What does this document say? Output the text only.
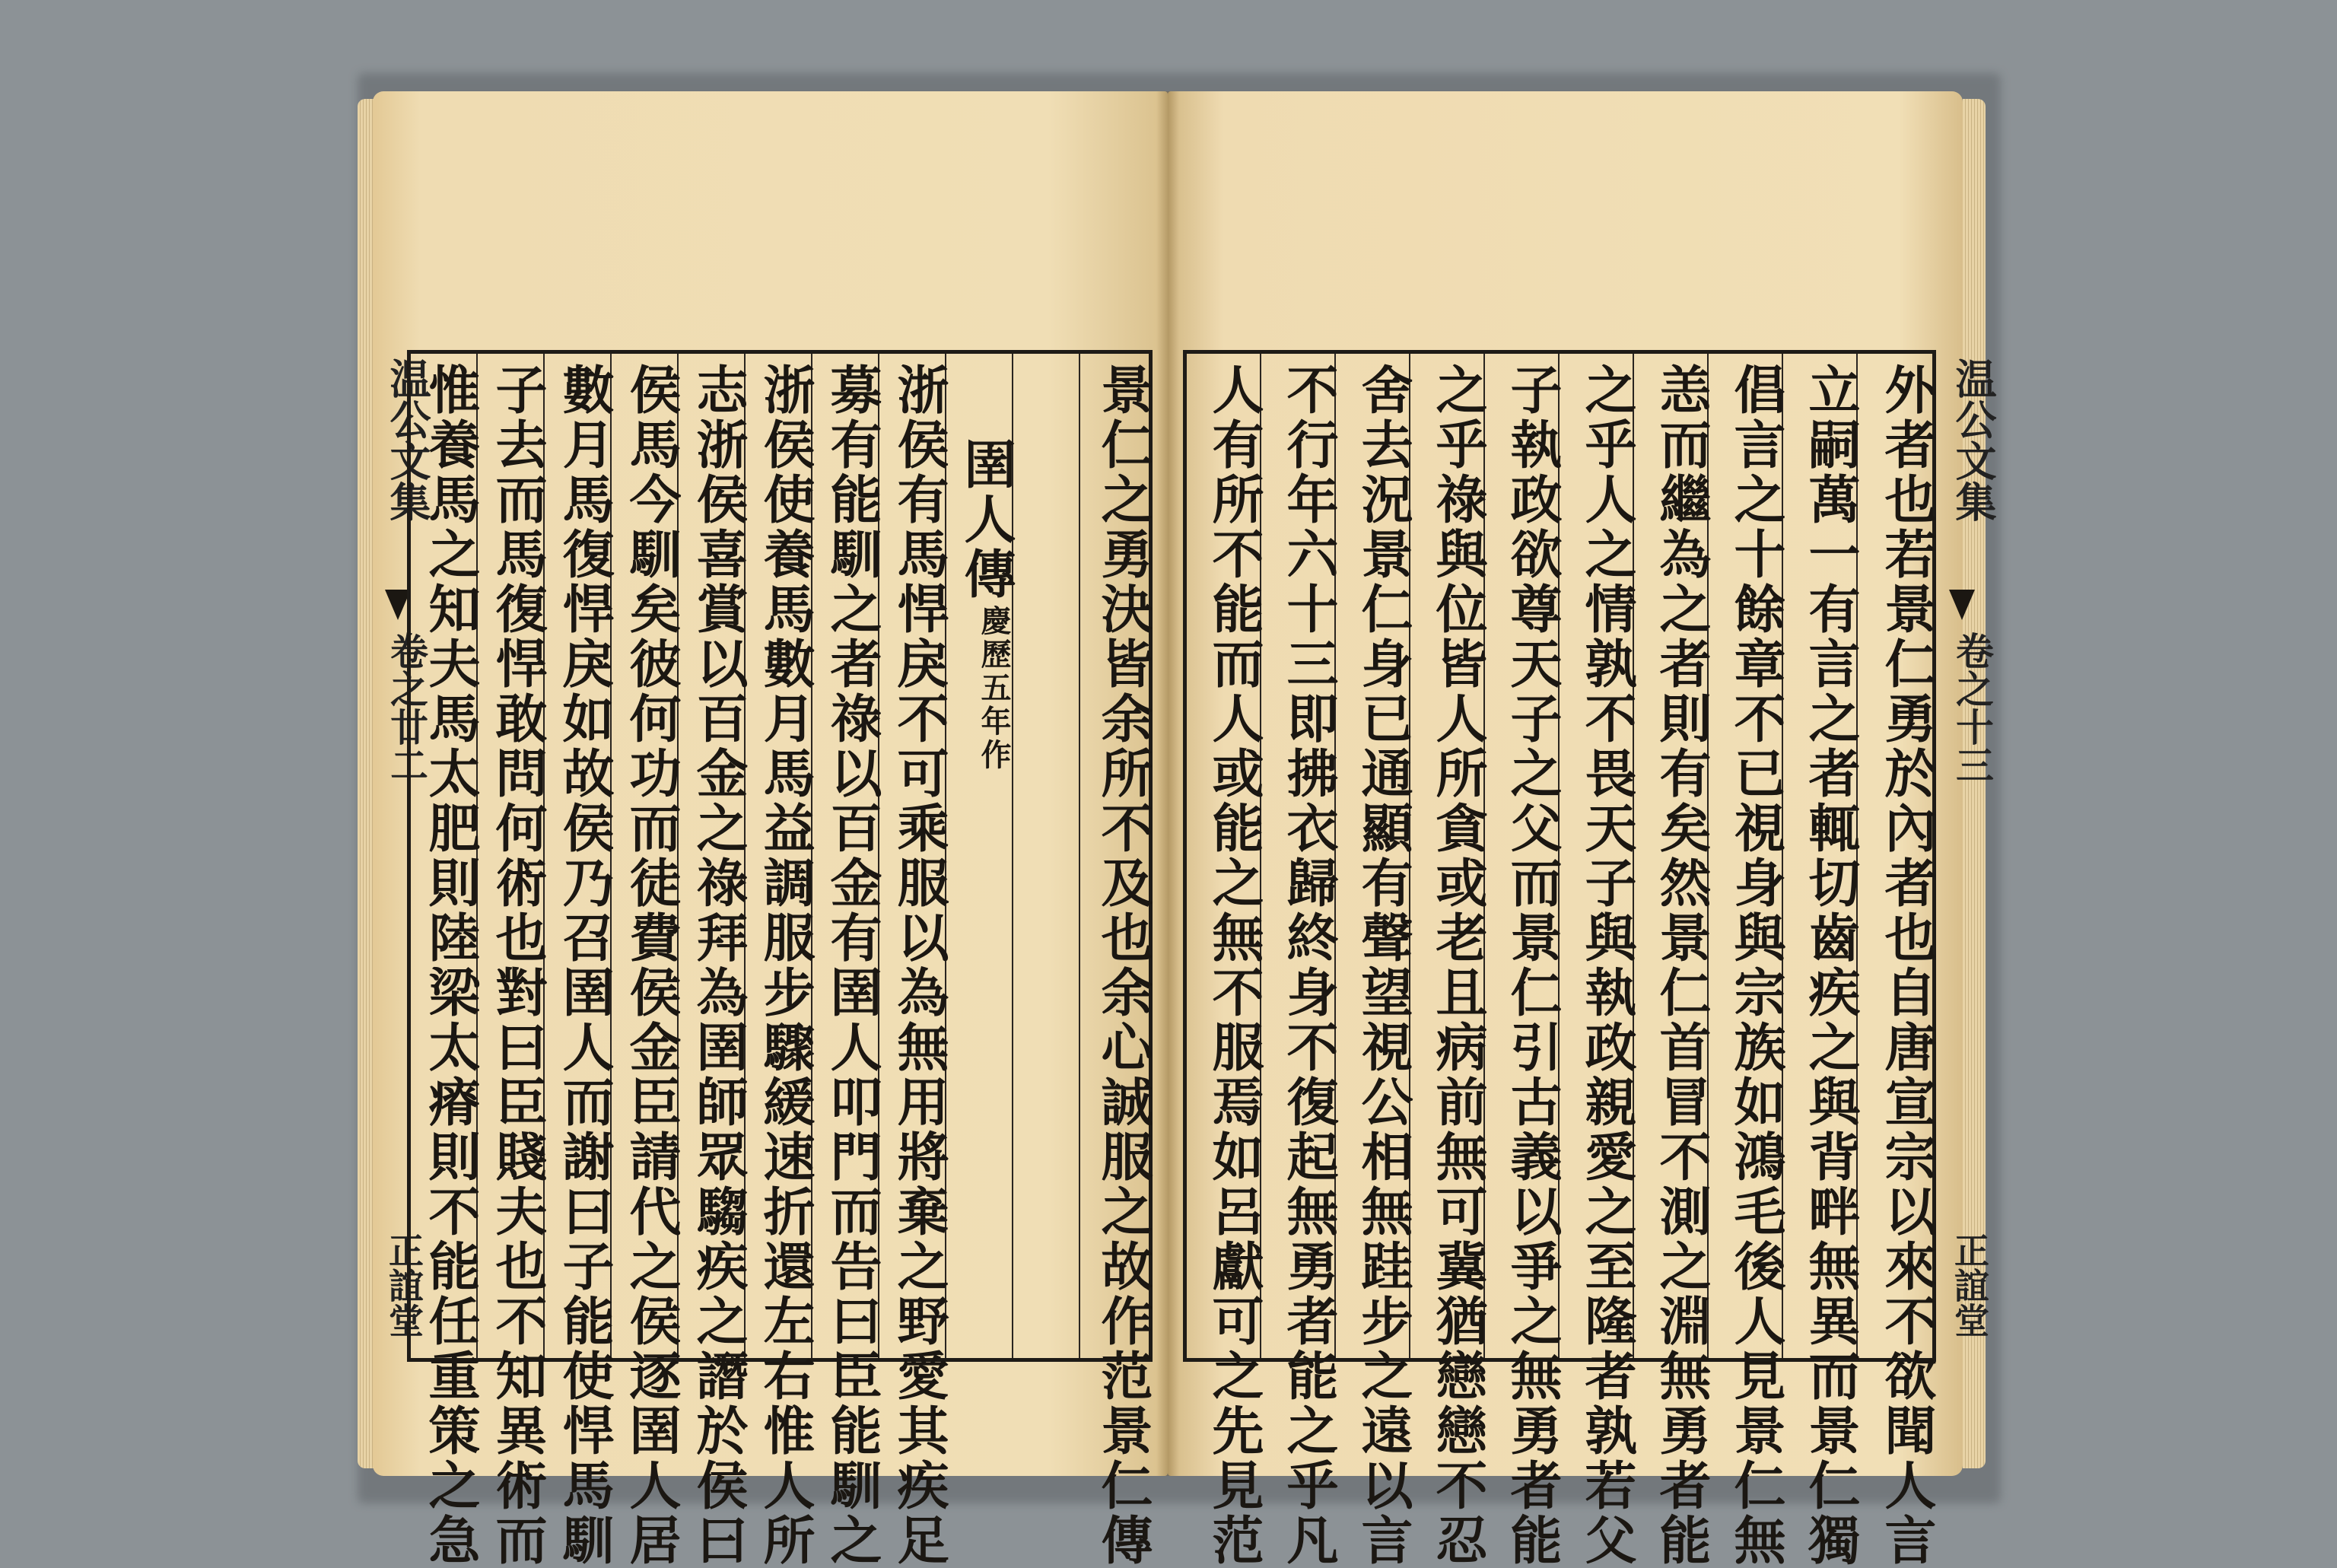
温公文集
卷之廿二
正誼堂
惟養馬之知夫馬太肥則陸梁太瘠則不能任重策之急 子去而馬復悍敢問何術也對曰臣賤夫也不知異術而 數月馬復悍戾如故侯乃召圉人而謝曰子能使悍馬馴 侯馬今馴矣彼何功而徒費侯金臣請代之侯逐圉人居 志浙侯喜賞以百金之祿拜為圉師眾騶疾之譖於侯曰 浙侯使養馬數月馬益調服步驟緩速折還左右惟人所 募有能馴之者祿以百金有圉人叩門而告曰臣能馴之 浙侯有馬悍戾不可乘服以為無用將棄之野愛其疾足 圉人傳
慶歷五年作 景仁之勇決皆余所不及也余心誠服之故作范景仁傳	温公文集
卷之十三
正誼堂
人有所不能而人或能之無不服焉如呂獻可之先見范 不行年六十三即拂衣歸終身不復起無勇者能之乎凡 舍去況景仁身已通顯有聲望視公相無跬步之遠以言 之乎祿與位皆人所貪或老且病前無可冀猶戀戀不忍 子執政欲尊天子之父而景仁引古義以爭之無勇者能 之乎人之情孰不畏天子與執政親愛之至隆者孰若父 恙而繼為之者則有矣然景仁首冒不測之淵無勇者能 倡言之十餘章不已視身與宗族如鴻毛後人見景仁無 立嗣萬一有言之者輒切齒疾之與背畔無異而景仁獨 外者也若景仁勇於內者也自唐宣宗以來不欲聞人言
